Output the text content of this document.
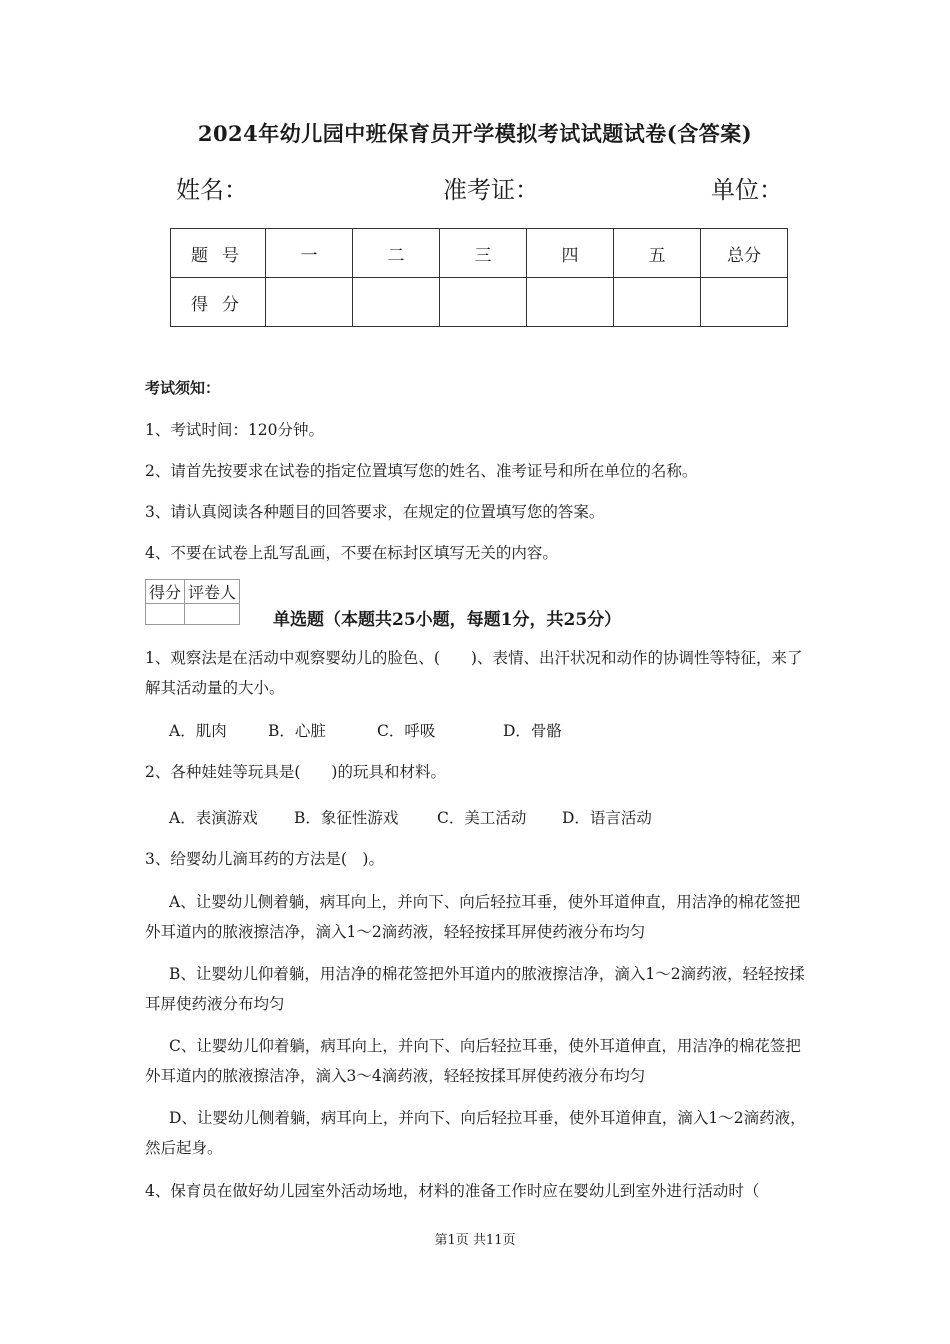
2024年幼儿园中班保育员开学模拟考试试题试卷(含答案)
姓名：	准考证：	单位：
题号	一	二	三	四	五	总分
得分						
考试须知：
1、考试时间：120分钟。
2、请首先按要求在试卷的指定位置填写您的姓名、准考证号和所在单位的名称。
3、请认真阅读各种题目的回答要求，在规定的位置填写您的答案。
4、不要在试卷上乱写乱画，不要在标封区填写无关的内容。
得分	评卷人

单选题（本题共25小题，每题1分，共25分）
1、观察法是在活动中观察婴幼儿的脸色、(　　)、表情、出汗状况和动作的协调性等特征，来了解其活动量的大小。
A．肌肉	B．心脏	C．呼吸	D．骨骼
2、各种娃娃等玩具是(　　)的玩具和材料。
A．表演游戏 B．象征性游戏 C．美工活动 D．语言活动
3、给婴幼儿滴耳药的方法是(　)。
A、让婴幼儿侧着躺，病耳向上，并向下、向后轻拉耳垂，使外耳道伸直，用洁净的棉花签把外耳道内的脓液擦洁净，滴入1～2滴药液，轻轻按揉耳屏使药液分布均匀
B、让婴幼儿仰着躺，用洁净的棉花签把外耳道内的脓液擦洁净，滴入1～2滴药液，轻轻按揉耳屏使药液分布均匀
C、让婴幼儿仰着躺，病耳向上，并向下、向后轻拉耳垂，使外耳道伸直，用洁净的棉花签把外耳道内的脓液擦洁净，滴入3～4滴药液，轻轻按揉耳屏使药液分布均匀
D、让婴幼儿侧着躺，病耳向上，并向下、向后轻拉耳垂，使外耳道伸直，滴入1～2滴药液，然后起身。
4、保育员在做好幼儿园室外活动场地，材料的准备工作时应在婴幼儿到室外进行活动时（
第1页 共11页
